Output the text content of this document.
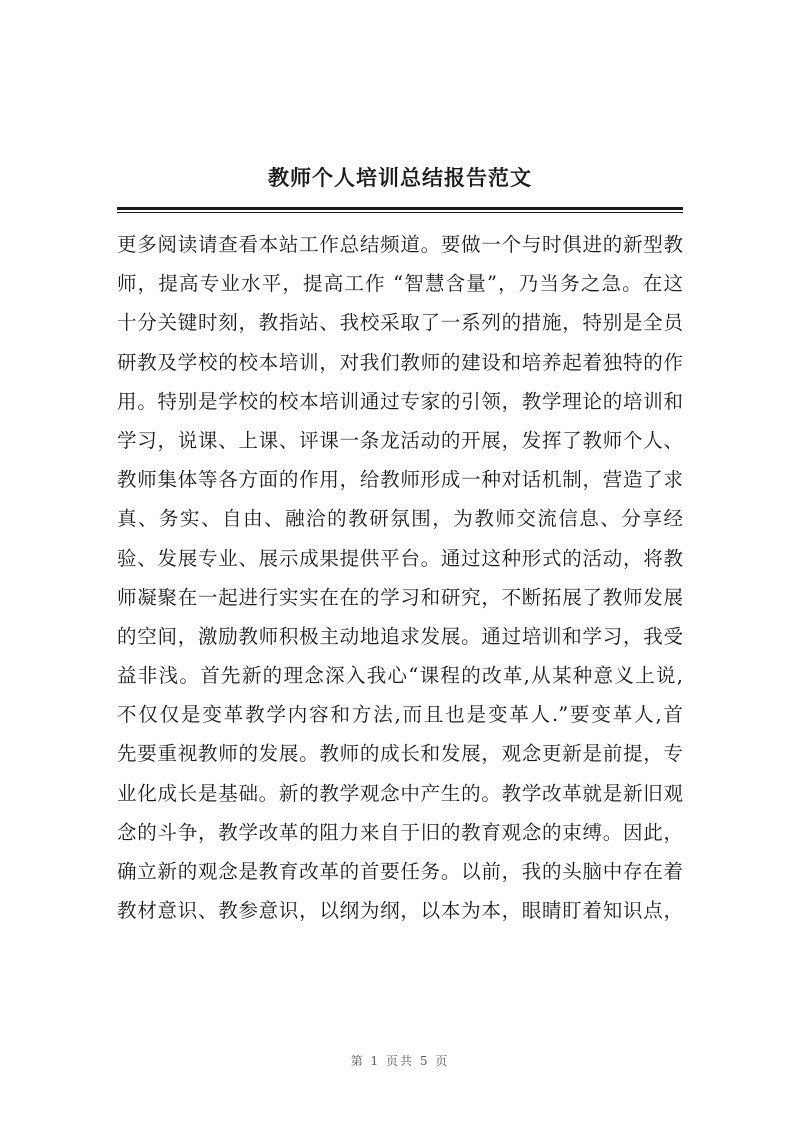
教师个人培训总结报告范文
更多阅读请查看本站工作总结频道。要做一个与时俱进的新型教
师，提高专业水平，提高工作 “智慧含量”，乃当务之急。在这
十分关键时刻，教指站、我校采取了一系列的措施，特别是全员
研教及学校的校本培训，对我们教师的建设和培养起着独特的作
用。特别是学校的校本培训通过专家的引领，教学理论的培训和
学习，说课、上课、评课一条龙活动的开展，发挥了教师个人、
教师集体等各方面的作用，给教师形成一种对话机制，营造了求
真、务实、自由、融洽的教研氛围，为教师交流信息、分享经
验、发展专业、展示成果提供平台。通过这种形式的活动，将教
师凝聚在一起进行实实在在的学习和研究，不断拓展了教师发展
的空间，激励教师积极主动地追求发展。通过培训和学习，我受
益非浅。首先新的理念深入我心“课程的改革,从某种意义上说,
不仅仅是变革教学内容和方法,而且也是变革人.”要变革人,首
先要重视教师的发展。教师的成长和发展，观念更新是前提，专
业化成长是基础。新的教学观念中产生的。教学改革就是新旧观
念的斗争，教学改革的阻力来自于旧的教育观念的束缚。因此，
确立新的观念是教育改革的首要任务。以前，我的头脑中存在着
教材意识、教参意识，以纲为纲，以本为本，眼睛盯着知识点，
第 1 页共 5 页
